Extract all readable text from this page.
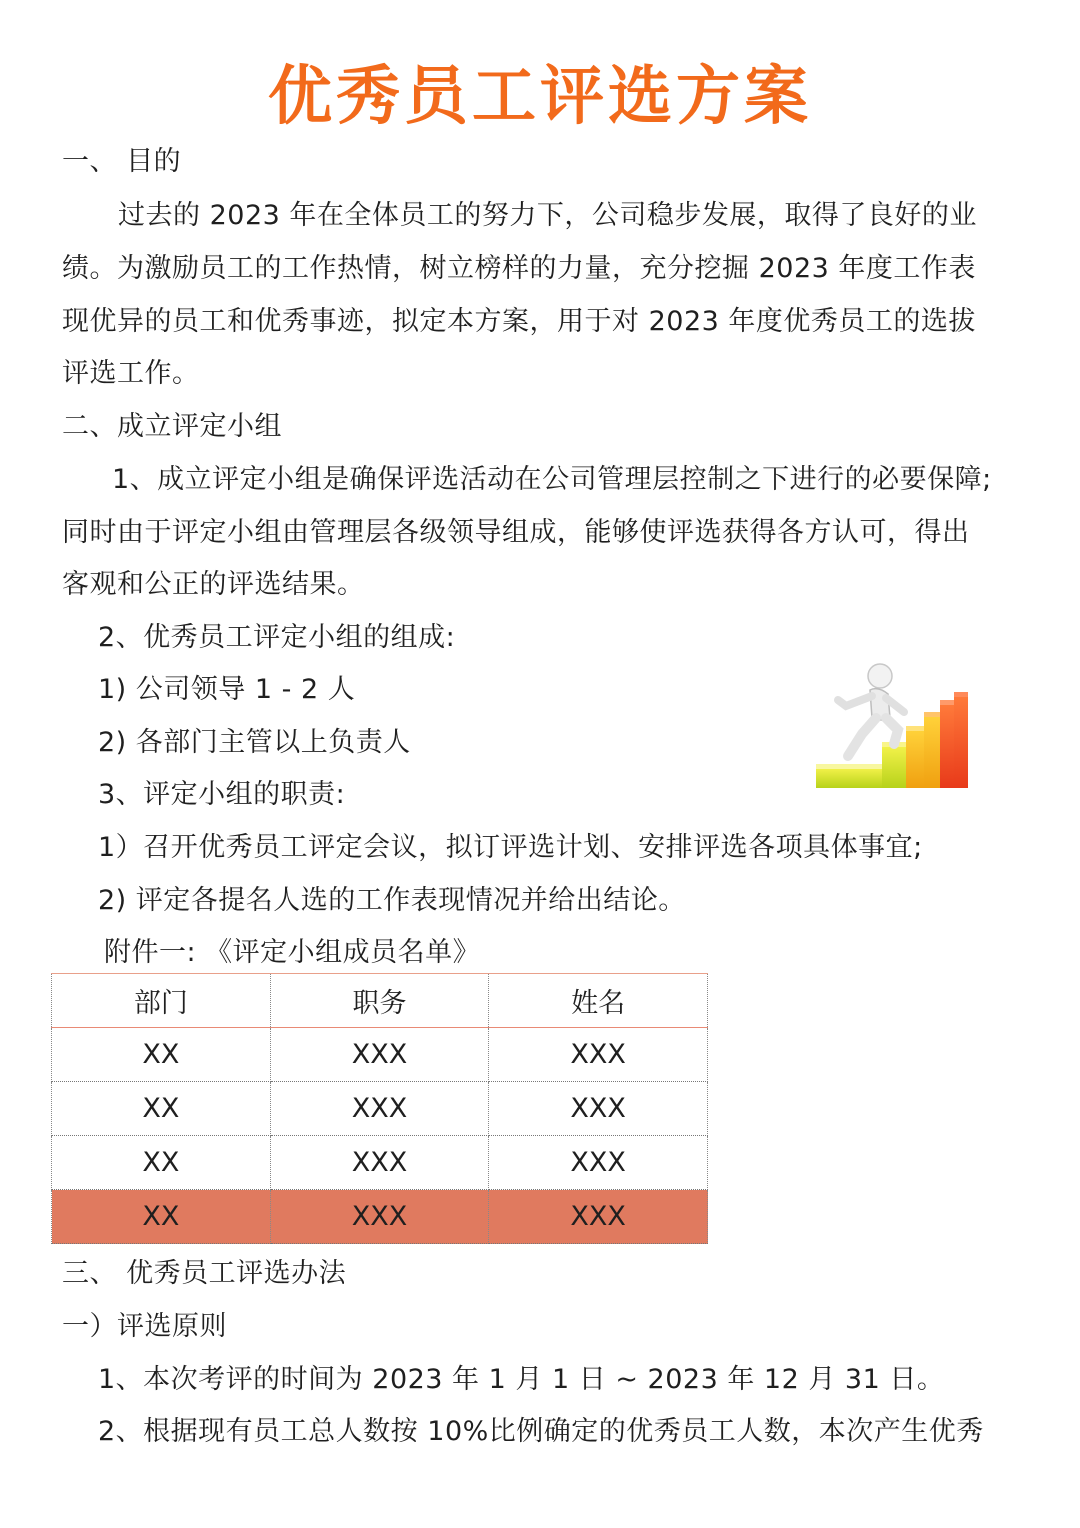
优秀员工评选方案
一、 目的
过去的 2023 年在全体员工的努力下，公司稳步发展，取得了良好的业
绩。为激励员工的工作热情，树立榜样的力量，充分挖掘 2023 年度工作表
现优异的员工和优秀事迹，拟定本方案，用于对 2023 年度优秀员工的选拔
评选工作。
二、成立评定小组
1、成立评定小组是确保评选活动在公司管理层控制之下进行的必要保障;
同时由于评定小组由管理层各级领导组成，能够使评选获得各方认可，得出
客观和公正的评选结果。
2、优秀员工评定小组的组成:
1) 公司领导 1 - 2 人
2) 各部门主管以上负责人
3、评定小组的职责:
1）召开优秀员工评定会议，拟订评选计划、安排评选各项具体事宜;
2) 评定各提名人选的工作表现情况并给出结论。
附件一: 《评定小组成员名单》
部门	职务	姓名
XX	XXX	XXX
XX	XXX	XXX
XX	XXX	XXX
XX	XXX	XXX
三、 优秀员工评选办法
一）评选原则
1、本次考评的时间为 2023 年 1 月 1 日 ~ 2023 年 12 月 31 日。
2、根据现有员工总人数按 10%比例确定的优秀员工人数，本次产生优秀
